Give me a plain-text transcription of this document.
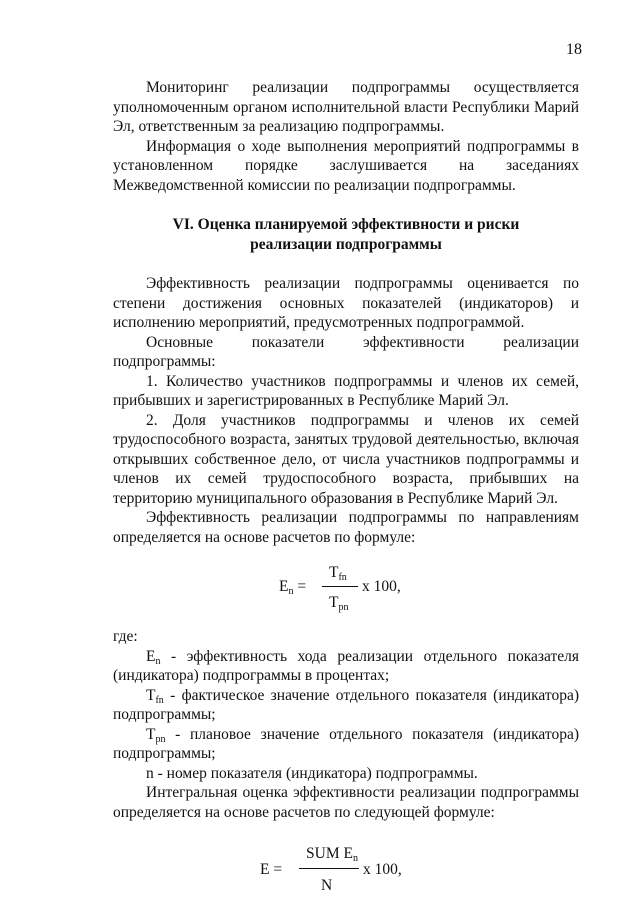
18

Мониторинг реализации подпрограммы осуществляется уполномоченным органом исполнительной власти Республики Марий Эл, ответственным за реализацию подпрограммы.

Информация о ходе выполнения мероприятий подпрограммы в установленном порядке заслушивается на заседаниях Межведомственной комиссии по реализации подпрограммы.

VI. Оценка планируемой эффективности и риски
реализации подпрограммы

Эффективность реализации подпрограммы оценивается по степени достижения основных показателей (индикаторов) и исполнению мероприятий, предусмотренных подпрограммой.

Основные показатели эффективности реализации подпрограммы:

1. Количество участников подпрограммы и членов их семей, прибывших и зарегистрированных в Республике Марий Эл.

2. Доля участников подпрограммы и членов их семей трудоспособного возраста, занятых трудовой деятельностью, включая открывших собственное дело, от числа участников подпрограммы и членов их семей трудоспособного возраста, прибывших на территорию муниципального образования в Республике Марий Эл.

Эффективность реализации подпрограммы по направлениям определяется на основе расчетов по формуле:

$T_{fn}$
$E_n$ =	x 100,
$T_{pn}$

где:

$E_n$ - эффективность хода реализации отдельного показателя (индикатора) подпрограммы в процентах;

$T_{fn}$ - фактическое значение отдельного показателя (индикатора) подпрограммы;

$T_{pn}$ - плановое значение отдельного показателя (индикатора) подпрограммы;

n - номер показателя (индикатора) подпрограммы.

Интегральная оценка эффективности реализации подпрограммы определяется на основе расчетов по следующей формуле:

SUM $E_n$
E =	x 100,
N
